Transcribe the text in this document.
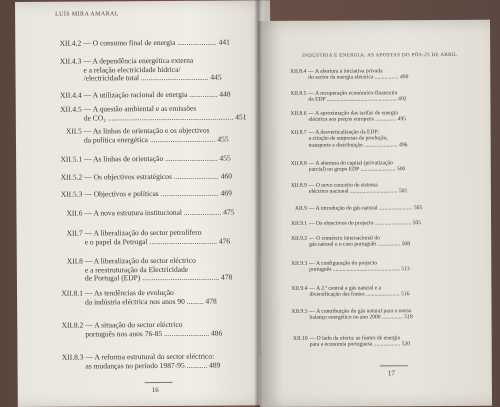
LUÍS MIRA AMARAL
XII.4.2 — O consumo final de energia ..................... 441
XII.4.3 — A dependência energética externa
e a relação electricidade hídrica/
/electricidade total .................................... 445
XII.4.4 — A utilização racional de energia ............... 448
XII.4.5 — A questão ambiental e as emissões
de CO₂ ................................................................... 451
XII.5 — As linhas de orientação e os objectivos
da política energética ................................... 455
XII.5.1 — As linhas de orientação ............................ 455
XII.5.2 — Os objectivos estratégicos ........................ 460
XII.5.3 — Objectivos e políticas ............................... 469
XII.6 — A nova estrutura institucional .................... 475
XII.7 — A liberalização do sector petrolífero
e o papel da Petrogal .................................... 476
XII.8 — A liberalização do sector eléctrico
e a reestruturação da Electricidade
de Portugal (EDP) ......................................... 478
XII.8.1 — As tendências de evolução
da indústria eléctrica nos anos 90 ......... 478
XII.8.2 — A situação do sector eléctrico
português nos anos 76-85 ........................ 486
XII.8.3 — A reforma estrutural do sector eléctrico:
as mudanças no período 1987-95 ........... 489
16
INDÚSTRIA E ENERGIA: AS APOSTAS DO PÓS-25 DE ABRIL
XII.8.4 — A abertura à iniciativa privada
do sector da energia eléctrica ................. 490
XII.8.5 — A recuperação económico-financeira
da EDP .................................................. 492
XII.8.6 — A aproximação das tarifas de energia
eléctrica aos preços europeus ............... 495
XII.8.7 — A desverticalização da EDP:
a criação de empresas de produção,
transporte e distribuição ........................ 496
XII.8.8 — A abertura do capital (privatização
parcial) no grupo EDP ......................... 500
XII.8.9 — O novo conceito de sistema
eléctrico nacional .................................. 501
XII.9 — A introdução do gás natural ........................ 505
XII.9.1 — Os objectivos do projecto .......................... 505
XII.9.2 — O comércio internacional do
gás natural e o caso português ................ 508
XII.9.3 — A configuração do projecto
português ................................................ 513
XII.9.4 — A 2.ª central a gás natural e a
diversificação das fontes ........................ 516
XII.9.5 — A contribuição do gás natural para o nosso
balanço energético no ano 2000 ............... 518
XII.10 — O lado da oferta: as fontes de energia
para a economia portuguesa ................... 520
17
